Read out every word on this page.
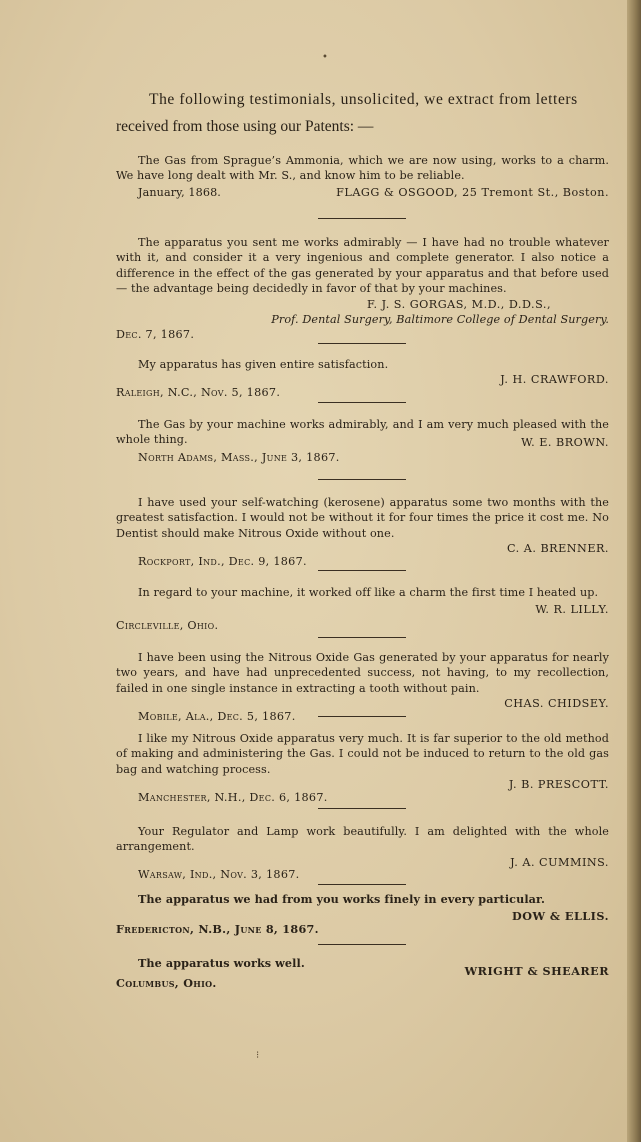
•
The following testimonials, unsolicited, we extract from letters
received from those using our Patents: —

The Gas from Sprague’s Ammonia, which we are now using, works to a charm. We have long dealt with Mr. S., and know him to be reliable.

January, 1868.	FLAGG & OSGOOD, 25 Tremont St., Boston.

The apparatus you sent me works admirably — I have had no trouble whatever with it, and consider it a very ingenious and complete generator. I also notice a difference in the effect of the gas generated by your apparatus and that before used — the advantage being decidedly in favor of that by your machines.

F. J. S. GORGAS, M.D., D.D.S.,

Prof. Dental Surgery, Baltimore College of Dental Surgery.

Dec. 7, 1867.

My apparatus has given entire satisfaction.

J. H. CRAWFORD.

Raleigh, N.C., Nov. 5, 1867.

The Gas by your machine works admirably, and I am very much pleased with the whole thing.	W. E. BROWN.

North Adams, Mass., June 3, 1867.

I have used your self-watching (kerosene) apparatus some two months with the greatest satisfaction. I would not be without it for four times the price it cost me. No Dentist should make Nitrous Oxide without one.

C. A. BRENNER.

Rockport, Ind., Dec. 9, 1867.

In regard to your machine, it worked off like a charm the first time I heated up.

W. R. LILLY.

Circleville, Ohio.

I have been using the Nitrous Oxide Gas generated by your apparatus for nearly two years, and have had unprecedented success, not having, to my recollection, failed in one single instance in extracting a tooth without pain.

CHAS. CHIDSEY.

Mobile, Ala., Dec. 5, 1867.

I like my Nitrous Oxide apparatus very much. It is far superior to the old method of making and administering the Gas. I could not be induced to return to the old gas bag and watching process.

J. B. PRESCOTT.

Manchester, N.H., Dec. 6, 1867.

Your Regulator and Lamp work beautifully. I am delighted with the whole arrangement.

J. A. CUMMINS.

Warsaw, Ind., Nov. 3, 1867.

The apparatus we had from you works finely in every particular.

DOW & ELLIS.

Fredericton, N.B., June 8, 1867.
The apparatus works well.
WRIGHT & SHEARER
Columbus, Ohio.
⁝
